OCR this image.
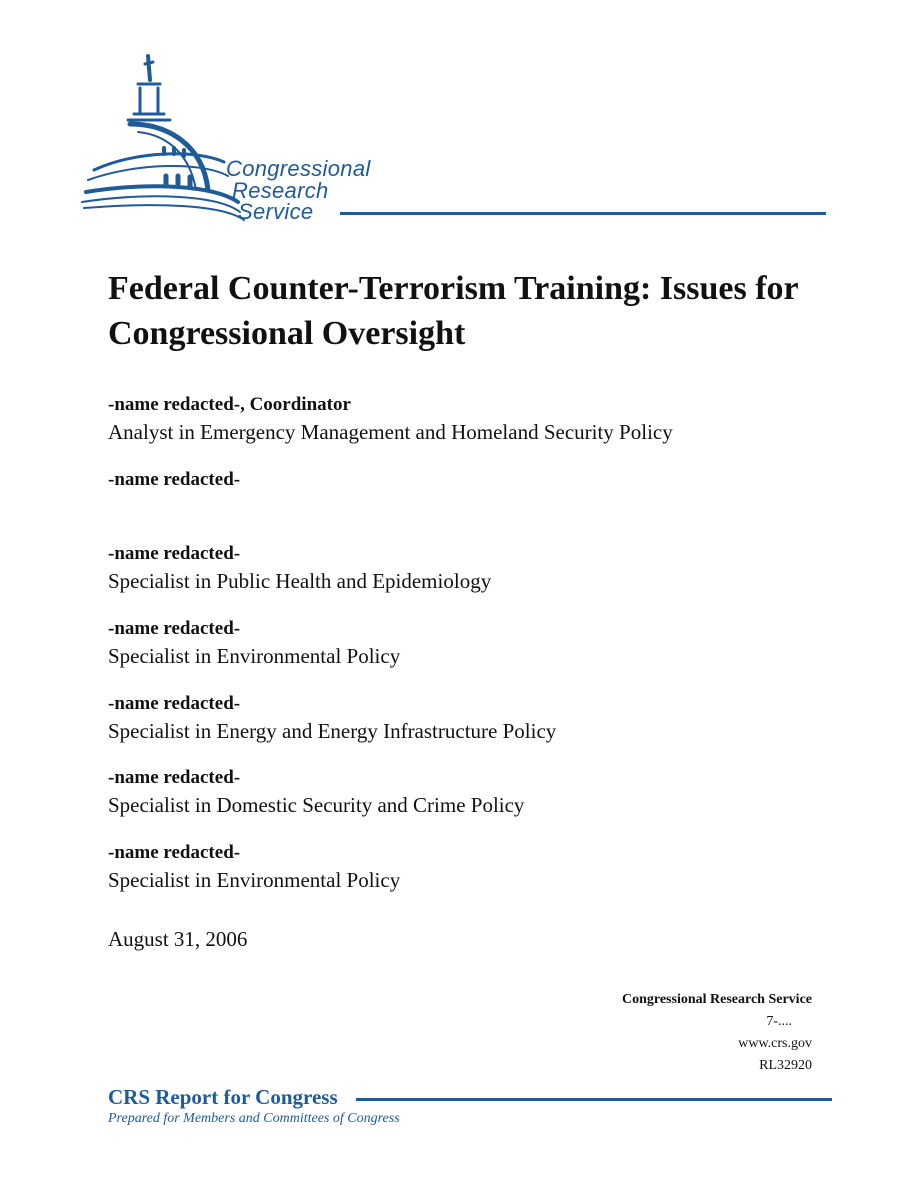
Congressional
Research
Service
Federal Counter-Terrorism Training: Issues for Congressional Oversight
-name redacted-, Coordinator
Analyst in Emergency Management and Homeland Security Policy
-name redacted-
-name redacted-
Specialist in Public Health and Epidemiology
-name redacted-
Specialist in Environmental Policy
-name redacted-
Specialist in Energy and Energy Infrastructure Policy
-name redacted-
Specialist in Domestic Security and Crime Policy
-name redacted-
Specialist in Environmental Policy
August 31, 2006
Congressional Research Service
7-....
www.crs.gov
RL32920
CRS Report for Congress
Prepared for Members and Committees of Congress
